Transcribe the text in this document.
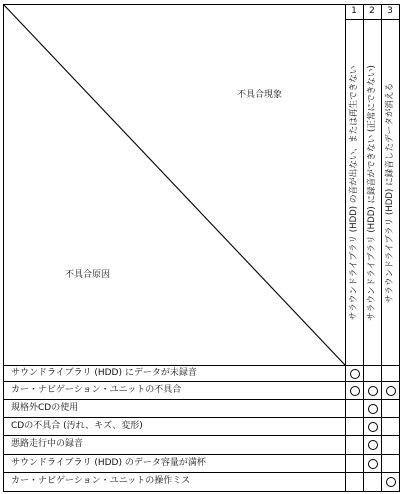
不具合現象
不具合原因
1	2	3
サラウンドライブラリ (HDD) の音が出ない、または再生できない サラウンドライブラリ (HDD) に録音ができない (正常にできない) サラウンドライブラリ (HDD) に録音したデータが消える
サウンドライブラリ (HDD) にデータが未録音
カー・ナビゲーション・ユニットの不具合
規格外CDの使用
CDの不具合 (汚れ、キズ、変形)
悪路走行中の録音
サウンドライブラリ (HDD) のデータ容量が満杯
カー・ナビゲーション・ユニットの操作ミス
